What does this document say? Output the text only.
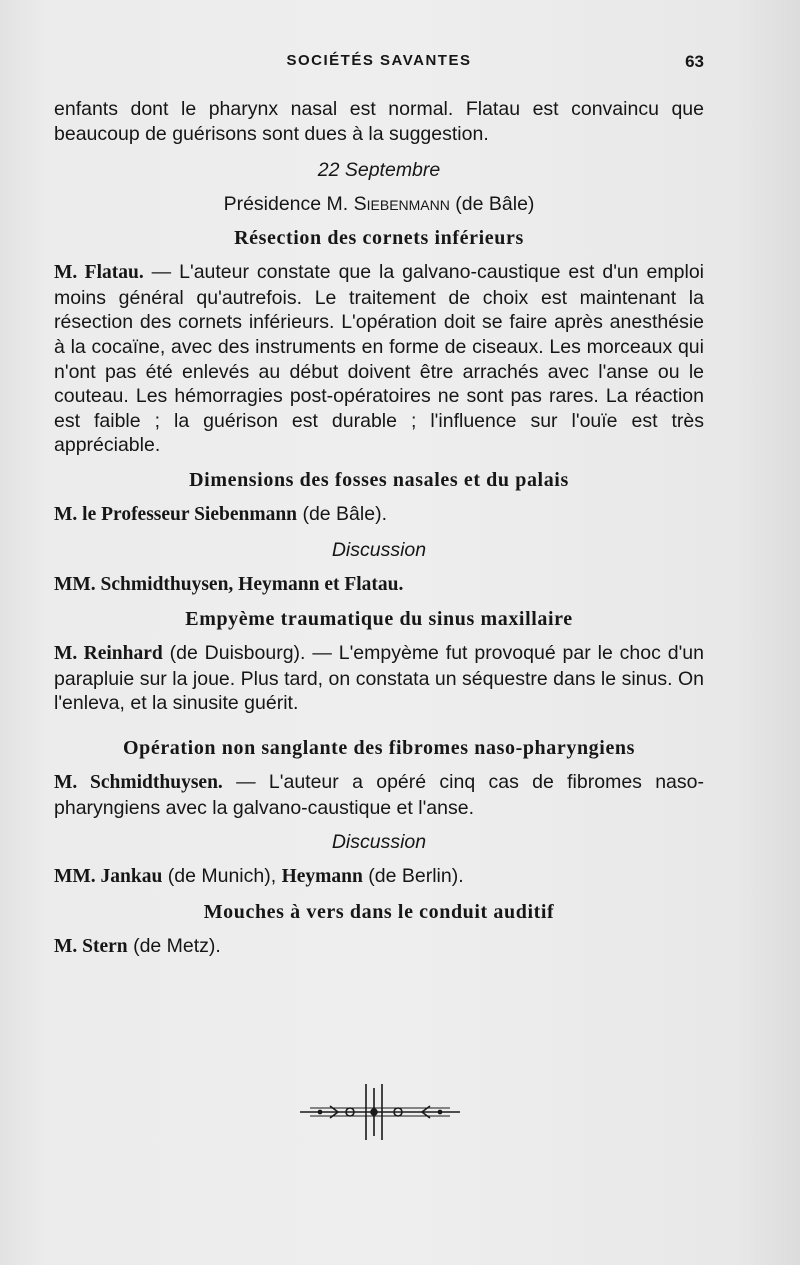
SOCIÉTÉS SAVANTES	63

enfants dont le pharynx nasal est normal. Flatau est convaincu que beaucoup de guérisons sont dues à la suggestion.

22 Septembre
Présidence M. Siebenmann (de Bâle)
Résection des cornets inférieurs

M. Flatau. — L'auteur constate que la galvano-caustique est d'un emploi moins général qu'autrefois. Le traitement de choix est maintenant la résection des cornets inférieurs. L'opération doit se faire après anesthésie à la cocaïne, avec des instruments en forme de ciseaux. Les morceaux qui n'ont pas été enlevés au début doivent être arrachés avec l'anse ou le couteau. Les hémorragies post-opératoires ne sont pas rares. La réaction est faible ; la guérison est durable ; l'influence sur l'ouïe est très appréciable.

Dimensions des fosses nasales et du palais

M. le Professeur Siebenmann (de Bâle).

Discussion

MM. Schmidthuysen, Heymann et Flatau.

Empyème traumatique du sinus maxillaire

M. Reinhard (de Duisbourg). — L'empyème fut provoqué par le choc d'un parapluie sur la joue. Plus tard, on constata un séquestre dans le sinus. On l'enleva, et la sinusite guérit.

Opération non sanglante des fibromes naso-pharyngiens

M. Schmidthuysen. — L'auteur a opéré cinq cas de fibromes naso-pharyngiens avec la galvano-caustique et l'anse.

Discussion

MM. Jankau (de Munich), Heymann (de Berlin).

Mouches à vers dans le conduit auditif

M. Stern (de Metz).
